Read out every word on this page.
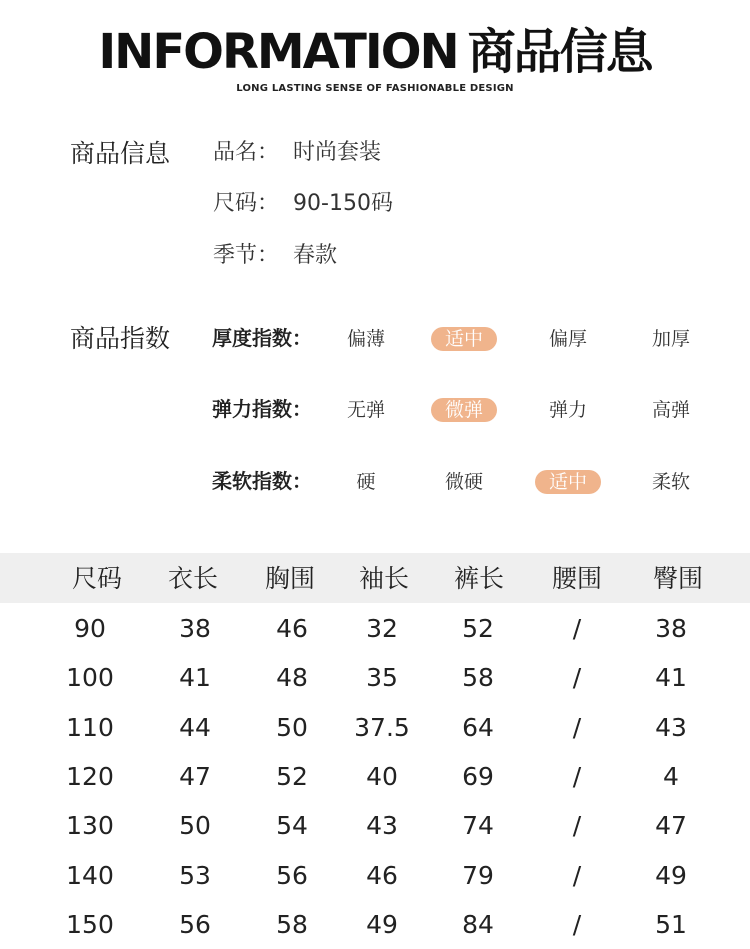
INFORMATION 商品信息
LONG LASTING SENSE OF FASHIONABLE DESIGN
商品信息 品名： 时尚套装
尺码： 90-150码
季节： 春款
商品指数 厚度指数：	偏薄	适中	偏厚	加厚
弹力指数：	无弹	微弹	弹力	高弹
柔软指数：	硬	微硬	适中	柔软
尺码	衣长	胸围	袖长	裤长	腰围	臀围
90	38	46	32	52	/	38
100	41	48	35	58	/	41
110	44	50	37.5	64	/	43
120	47	52	40	69	/	4
130	50	54	43	74	/	47
140	53	56	46	79	/	49
150	56	58	49	84	/	51
